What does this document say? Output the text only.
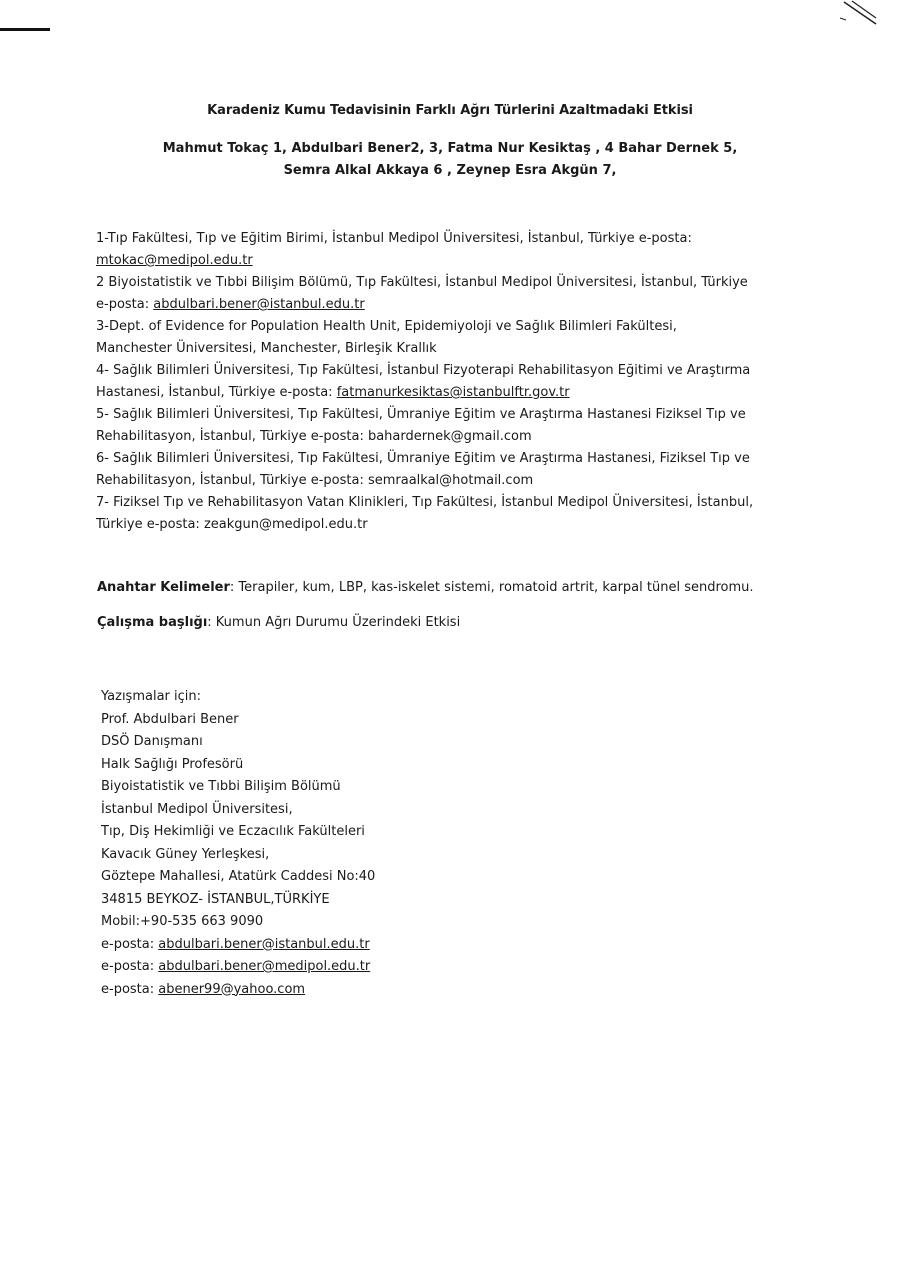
Karadeniz Kumu Tedavisinin Farklı Ağrı Türlerini Azaltmadaki Etkisi
Mahmut Tokaç 1, Abdulbari Bener2, 3, Fatma Nur Kesiktaş , 4 Bahar Dernek 5,
Semra Alkal Akkaya 6 , Zeynep Esra Akgün 7,
1-Tıp Fakültesi, Tıp ve Eğitim Birimi, İstanbul Medipol Üniversitesi, İstanbul, Türkiye e-posta:
mtokac@medipol.edu.tr
2 Biyoistatistik ve Tıbbi Bilişim Bölümü, Tıp Fakültesi, İstanbul Medipol Üniversitesi, İstanbul, Türkiye
e-posta: abdulbari.bener@istanbul.edu.tr
3-Dept. of Evidence for Population Health Unit, Epidemiyoloji ve Sağlık Bilimleri Fakültesi,
Manchester Üniversitesi, Manchester, Birleşik Krallık
4- Sağlık Bilimleri Üniversitesi, Tıp Fakültesi, İstanbul Fizyoterapi Rehabilitasyon Eğitimi ve Araştırma
Hastanesi, İstanbul, Türkiye e-posta: fatmanurkesiktas@istanbulftr.gov.tr
5- Sağlık Bilimleri Üniversitesi, Tıp Fakültesi, Ümraniye Eğitim ve Araştırma Hastanesi Fiziksel Tıp ve
Rehabilitasyon, İstanbul, Türkiye e-posta: bahardernek@gmail.com
6- Sağlık Bilimleri Üniversitesi, Tıp Fakültesi, Ümraniye Eğitim ve Araştırma Hastanesi, Fiziksel Tıp ve
Rehabilitasyon, İstanbul, Türkiye e-posta: semraalkal@hotmail.com
7- Fiziksel Tıp ve Rehabilitasyon Vatan Klinikleri, Tıp Fakültesi, İstanbul Medipol Üniversitesi, İstanbul,
Türkiye e-posta: zeakgun@medipol.edu.tr
Anahtar Kelimeler: Terapiler, kum, LBP, kas-iskelet sistemi, romatoid artrit, karpal tünel sendromu.
Çalışma başlığı: Kumun Ağrı Durumu Üzerindeki Etkisi
Yazışmalar için:
Prof. Abdulbari Bener
DSÖ Danışmanı
Halk Sağlığı Profesörü
Biyoistatistik ve Tıbbi Bilişim Bölümü
İstanbul Medipol Üniversitesi,
Tıp, Diş Hekimliği ve Eczacılık Fakülteleri
Kavacık Güney Yerleşkesi,
Göztepe Mahallesi, Atatürk Caddesi No:40
34815 BEYKOZ- İSTANBUL,TÜRKİYE
Mobil:+90-535 663 9090
e-posta: abdulbari.bener@istanbul.edu.tr
e-posta: abdulbari.bener@medipol.edu.tr
e-posta: abener99@yahoo.com
